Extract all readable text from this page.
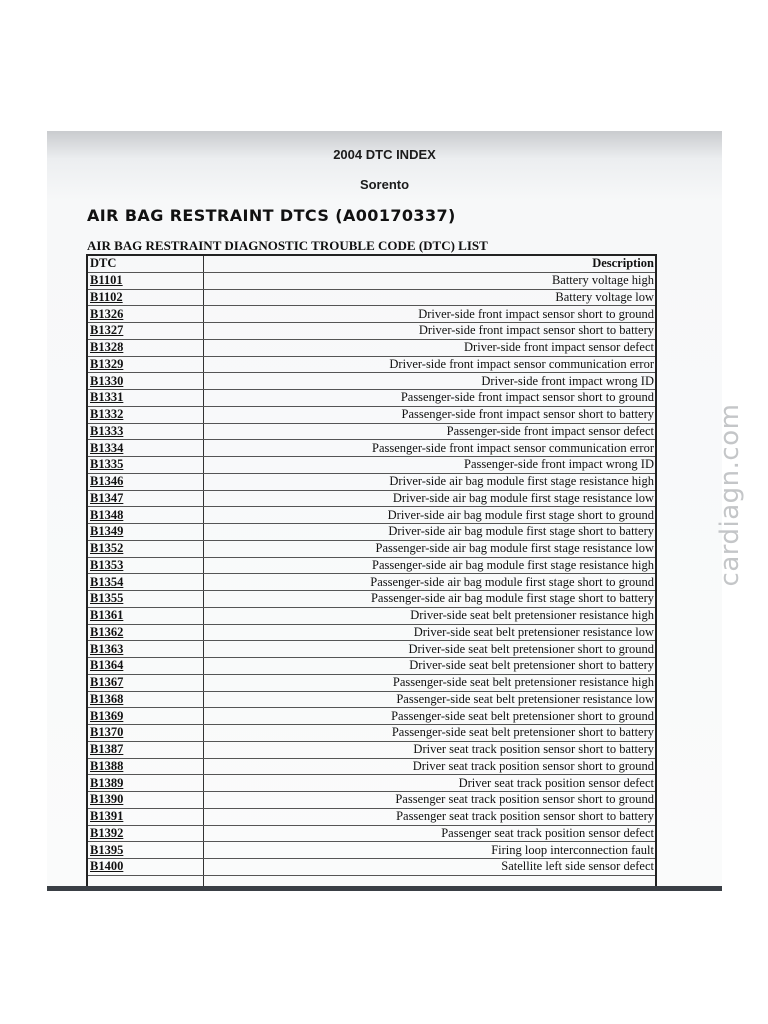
2004 DTC INDEX
Sorento
AIR BAG RESTRAINT DTCS (A00170337)
AIR BAG RESTRAINT DIAGNOSTIC TROUBLE CODE (DTC) LIST
DTC	Description
B1101	Battery voltage high
B1102	Battery voltage low
B1326	Driver-side front impact sensor short to ground
B1327	Driver-side front impact sensor short to battery
B1328	Driver-side front impact sensor defect
B1329	Driver-side front impact sensor communication error
B1330	Driver-side front impact wrong ID
B1331	Passenger-side front impact sensor short to ground
B1332	Passenger-side front impact sensor short to battery
B1333	Passenger-side front impact sensor defect
B1334	Passenger-side front impact sensor communication error
B1335	Passenger-side front impact wrong ID
B1346	Driver-side air bag module first stage resistance high
B1347	Driver-side air bag module first stage resistance low
B1348	Driver-side air bag module first stage short to ground
B1349	Driver-side air bag module first stage short to battery
B1352	Passenger-side air bag module first stage resistance low
B1353	Passenger-side air bag module first stage resistance high
B1354	Passenger-side air bag module first stage short to ground
B1355	Passenger-side air bag module first stage short to battery
B1361	Driver-side seat belt pretensioner resistance high
B1362	Driver-side seat belt pretensioner resistance low
B1363	Driver-side seat belt pretensioner short to ground
B1364	Driver-side seat belt pretensioner short to battery
B1367	Passenger-side seat belt pretensioner resistance high
B1368	Passenger-side seat belt pretensioner resistance low
B1369	Passenger-side seat belt pretensioner short to ground
B1370	Passenger-side seat belt pretensioner short to battery
B1387	Driver seat track position sensor short to battery
B1388	Driver seat track position sensor short to ground
B1389	Driver seat track position sensor defect
B1390	Passenger seat track position sensor short to ground
B1391	Passenger seat track position sensor short to battery
B1392	Passenger seat track position sensor defect
B1395	Firing loop interconnection fault
B1400	Satellite left side sensor defect

cardiagn.com
